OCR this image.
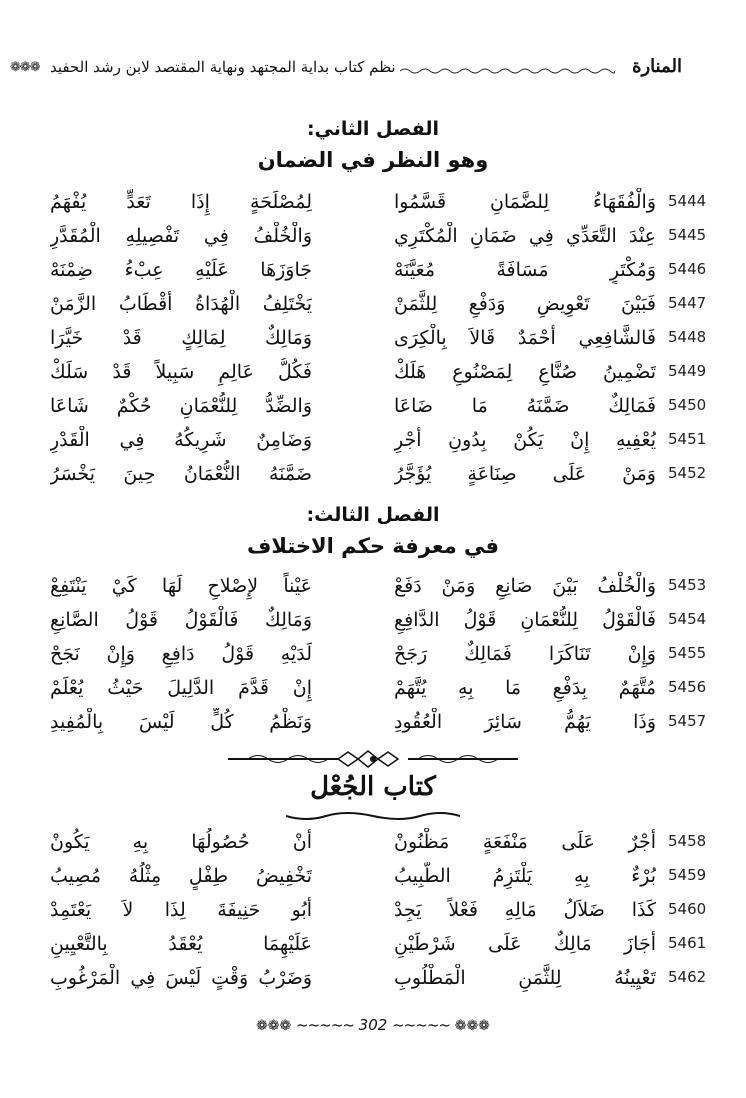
❁❁❁ نظم كتاب بداية المجتهد ونهاية المقتصد لابن رشد الحفيد	المنارة
الفصل الثاني:
وهو النظر في الضمان
5444
وَالْفُقَهَاءُ لِلضَّمَانِ قَسَّمُوا
لِمُصْلَحَةٍ إِذَا تَعَدٍّ يُفْهَمُ
5445
عِنْدَ التَّعَدِّي فِي ضَمَانِ الْمُكْتَرِي
وَالْخُلْفُ فِي تَفْصِيلِهِ الْمُقَدَّرِ
5446
وَمُكْتَرٍ مَسَافَةً مُعَيَّنَهْ
جَاوَزَهَا عَلَيْهِ عِبْءُ ضِمْنَهْ
5447
فَبَيْنَ تَعْوِيضٍ وَدَفْعٍ لِلثَّمَنْ
يَخْتَلِفُ الْهُدَاةُ أَقْطَابُ الزَّمَنْ
5448
فَالشَّافِعِي أَحْمَدٌ قَالاَ بِالْكِرَى
وَمَالِكٌ لِمَالِكٍ قَدْ خَيَّرَا
5449
تَضْمِينُ صُنَّاعٍ لِمَصْنُوعٍ هَلَكْ
فَكُلُّ عَالِمٍ سَبِيلاً قَدْ سَلَكْ
5450
فَمَالِكٌ ضَمَّنَهُ مَا ضَاعَا
وَالضِّدُّ لِلنُّعْمَانِ حُكْمٌ شَاعَا
5451
يُعْفِيهِ إِنْ يَكُنْ بِدُونِ أَجْرِ
وَضَامِنٌ شَرِيكُهُ فِي الْقَدْرِ
5452
وَمَنْ عَلَى صِنَاعَةٍ يُؤَجَّرُ
ضَمَّنَهُ النُّعْمَانُ حِينَ يَخْسَرُ
الفصل الثالث:
في معرفة حكم الاختلاف
5453
وَالْخُلْفُ بَيْنَ صَانِعٍ وَمَنْ دَفَعْ
عَيْناً لإِصْلاحٍ لَهَا كَيْ يَنْتَفِعْ
5454
فَالْقَوْلُ لِلنُّعْمَانِ قَوْلُ الدَّافِعِ
وَمَالِكٌ فَالْقَوْلُ قَوْلُ الصَّانِعِ
5455
وَإِنْ تَنَاكَرَا فَمَالِكٌ رَجَحْ
لَدَيْهِ قَوْلُ دَافِعٍ وَإِنْ نَجَحْ
5456
مُتَّهَمٌ بِدَفْعِ مَا بِهِ يُتَّهَمْ
إِنْ قَدَّمَ الدَّلِيلَ حَيْثُ يُعْلَمْ
5457
وَذَا يَهُمُّ سَائِرَ الْعُقُودِ
وَنَظْمُ كُلٍّ لَيْسَ بِالْمُفِيدِ
كتاب الجُعْل
5458
أَجْرٌ عَلَى مَنْفَعَةٍ مَظْنُونْ
أَنْ حُصُولُهَا بِهِ يَكُونْ
5459
بُرْءٌ بِهِ يَلْتَزِمُ الطَّبِيبُ
تَخْفِيضُ طِفْلٍ مِثْلُهُ مُصِيبُ
5460
كَذَا ضَلاَلُ مَالِهِ فَعْلاً يَجِدْ
أَبُو حَنِيفَةَ لِذَا لاَ يَعْتَمِدْ
5461
أَجَازَ مَالِكٌ عَلَى شَرْطَيْنِ
عَلَيْهِمَا يُعْقَدُ بِالتَّعْيِينِ
5462
تَعْيِينُهُ لِلثَّمَنِ الْمَطْلُوبِ
وَضَرْبُ وَقْتٍ لَيْسَ فِي الْمَرْغُوبِ
❁❁❁ ~~~~~ 302 ~~~~~ ❁❁❁
